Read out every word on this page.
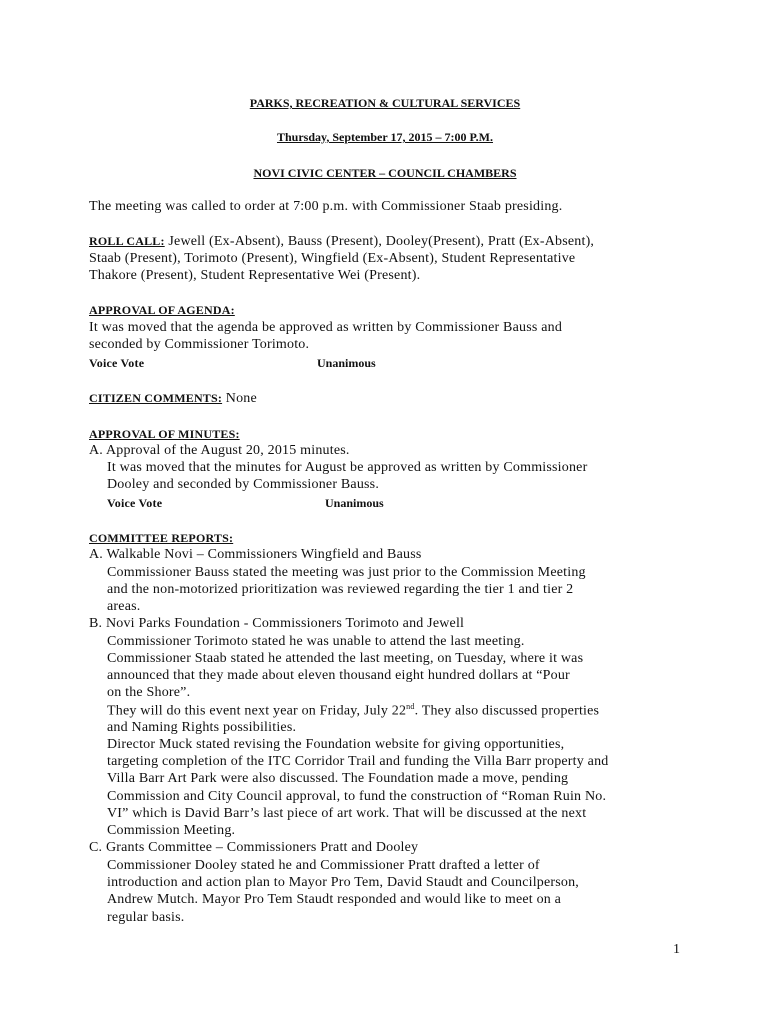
PARKS, RECREATION & CULTURAL SERVICES
Thursday, September 17, 2015 – 7:00 P.M.
NOVI CIVIC CENTER – COUNCIL CHAMBERS
The meeting was called to order at 7:00 p.m. with Commissioner Staab presiding.
ROLL CALL: Jewell (Ex-Absent), Bauss (Present), Dooley(Present), Pratt (Ex-Absent),
Staab (Present), Torimoto (Present), Wingfield (Ex-Absent), Student Representative
Thakore (Present), Student Representative Wei (Present).
APPROVAL OF AGENDA:
It was moved that the agenda be approved as written by Commissioner Bauss and
seconded by Commissioner Torimoto.
Voice Vote	Unanimous
CITIZEN COMMENTS: None
APPROVAL OF MINUTES:
A. Approval of the August 20, 2015 minutes.
It was moved that the minutes for August be approved as written by Commissioner
Dooley and seconded by Commissioner Bauss.
Voice Vote	Unanimous
COMMITTEE REPORTS:
A. Walkable Novi – Commissioners Wingfield and Bauss
Commissioner Bauss stated the meeting was just prior to the Commission Meeting
and the non-motorized prioritization was reviewed regarding the tier 1 and tier 2
areas.
B. Novi Parks Foundation - Commissioners Torimoto and Jewell
Commissioner Torimoto stated he was unable to attend the last meeting.
Commissioner Staab stated he attended the last meeting, on Tuesday, where it was
announced that they made about eleven thousand eight hundred dollars at “Pour
on the Shore”.
They will do this event next year on Friday, July 22nd. They also discussed properties
and Naming Rights possibilities.
Director Muck stated revising the Foundation website for giving opportunities,
targeting completion of the ITC Corridor Trail and funding the Villa Barr property and
Villa Barr Art Park were also discussed. The Foundation made a move, pending
Commission and City Council approval, to fund the construction of “Roman Ruin No.
VI” which is David Barr’s last piece of art work. That will be discussed at the next
Commission Meeting.
C. Grants Committee – Commissioners Pratt and Dooley
Commissioner Dooley stated he and Commissioner Pratt drafted a letter of
introduction and action plan to Mayor Pro Tem, David Staudt and Councilperson,
Andrew Mutch. Mayor Pro Tem Staudt responded and would like to meet on a
regular basis.
1
